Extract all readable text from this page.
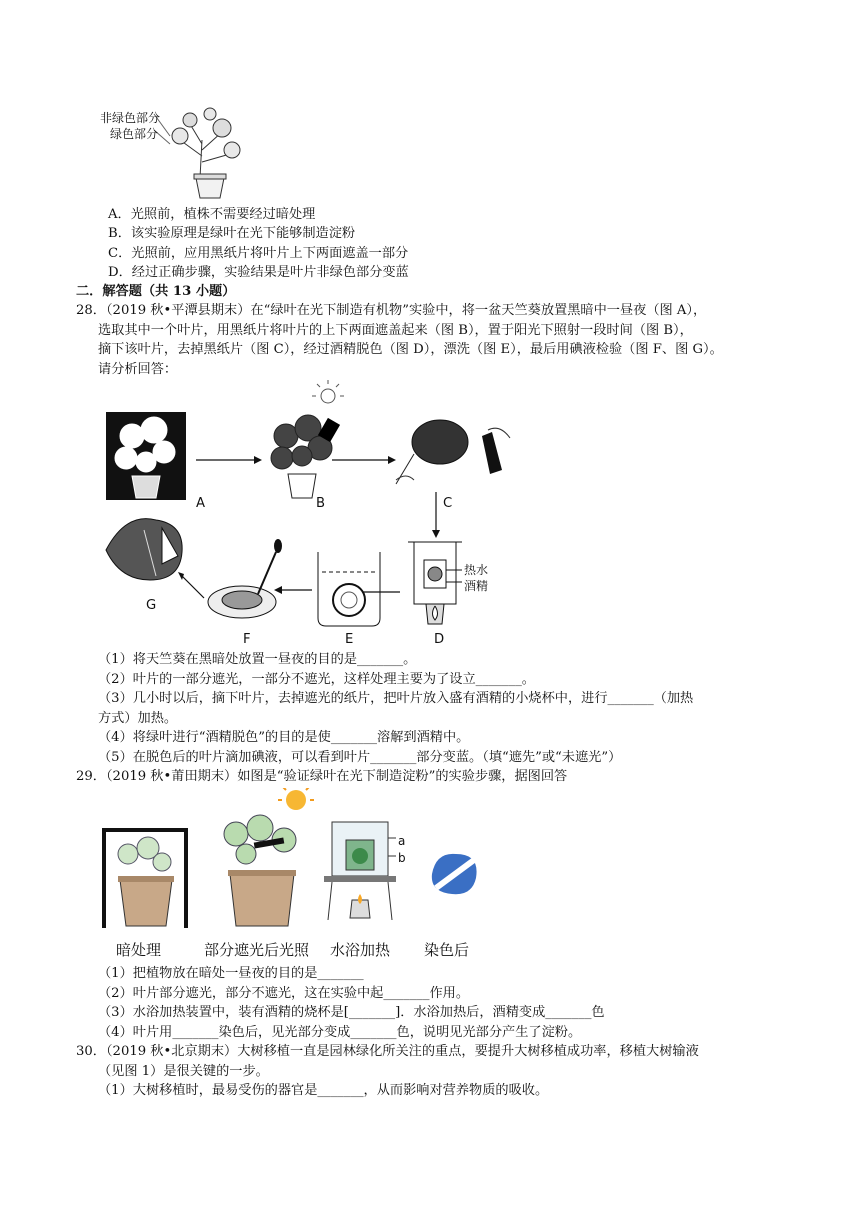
非绿色部分
绿色部分
A．光照前，植株不需要经过暗处理
B．该实验原理是绿叶在光下能够制造淀粉
C．光照前，应用黑纸片将叶片上下两面遮盖一部分
D．经过正确步骤，实验结果是叶片非绿色部分变蓝
二．解答题（共 13 小题）
28．（2019 秋•平潭县期末）在“绿叶在光下制造有机物”实验中，将一盆天竺葵放置黑暗中一昼夜（图 A），
选取其中一个叶片，用黑纸片将叶片的上下两面遮盖起来（图 B），置于阳光下照射一段时间（图 B），
摘下该叶片，去掉黑纸片（图 C），经过酒精脱色（图 D），漂洗（图 E），最后用碘液检验（图 F、图 G）。
请分析回答：
A	B	C
D
E
F
G
热水
酒精
（1）将天竺葵在黑暗处放置一昼夜的目的是_______。
（2）叶片的一部分遮光，一部分不遮光，这样处理主要为了设立_______。
（3）几小时以后，摘下叶片，去掉遮光的纸片，把叶片放入盛有酒精的小烧杯中，进行_______（加热
方式）加热。
（4）将绿叶进行“酒精脱色”的目的是使_______溶解到酒精中。
（5）在脱色后的叶片滴加碘液，可以看到叶片_______部分变蓝。（填“遮先”或“未遮光”）
29．（2019 秋•莆田期末）如图是“验证绿叶在光下制造淀粉”的实验步骤，据图回答
a
b
暗处理	部分遮光后光照 水浴加热 染色后
（1）把植物放在暗处一昼夜的目的是_______
（2）叶片部分遮光，部分不遮光，这在实验中起_______作用。
（3）水浴加热装置中，装有酒精的烧杯是[_______]．水浴加热后，酒精变成_______色
（4）叶片用_______染色后，见光部分变成_______色，说明见光部分产生了淀粉。
30．（2019 秋•北京期末）大树移植一直是园林绿化所关注的重点，要提升大树移植成功率，移植大树输液
（见图 1）是很关键的一步。
（1）大树移植时，最易受伤的器官是_______，从而影响对营养物质的吸收。
